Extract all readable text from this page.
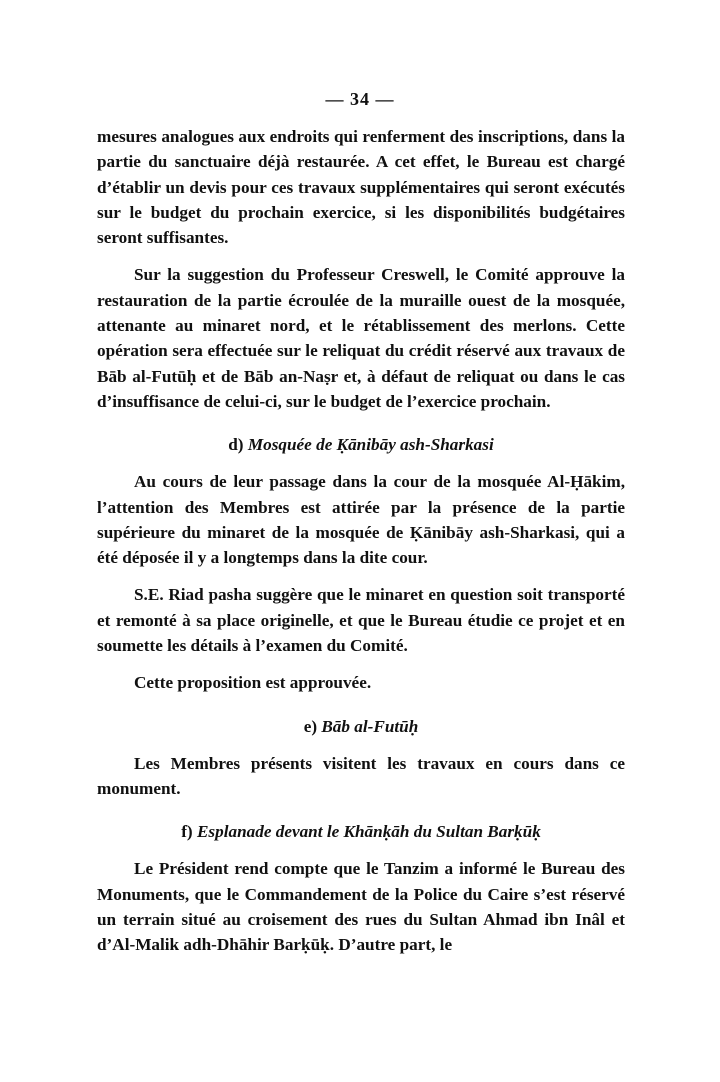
— 34 —

mesures analogues aux endroits qui renferment des inscriptions, dans la partie du sanctuaire déjà restaurée. A cet effet, le Bureau est chargé d’établir un devis pour ces travaux supplémentaires qui seront exécutés sur le budget du prochain exercice, si les disponibilités budgétaires seront suffisantes.

Sur la suggestion du Professeur Creswell, le Comité approuve la restauration de la partie écroulée de la muraille ouest de la mosquée, attenante au minaret nord, et le rétablissement des merlons. Cette opération sera effectuée sur le reliquat du crédit réservé aux travaux de Bāb al-Futūḥ et de Bāb an-Naṣr et, à défaut de reliquat ou dans le cas d’insuffisance de celui-ci, sur le budget de l’exercice prochain.

d) Mosquée de Ḳānibāy ash-Sharkasi

Au cours de leur passage dans la cour de la mosquée Al-Ḥākim, l’attention des Membres est attirée par la présence de la partie supérieure du minaret de la mosquée de Ḳānibāy ash-Sharkasi, qui a été déposée il y a longtemps dans la dite cour.

S.E. Riad pasha suggère que le minaret en question soit transporté et remonté à sa place originelle, et que le Bureau étudie ce projet et en soumette les détails à l’examen du Comité.

Cette proposition est approuvée.

e) Bāb al-Futūḥ

Les Membres présents visitent les travaux en cours dans ce monument.

f) Esplanade devant le Khānḳāh du Sultan Barḳūḳ

Le Président rend compte que le Tanzim a informé le Bureau des Monuments, que le Commandement de la Police du Caire s’est réservé un terrain situé au croisement des rues du Sultan Ahmad ibn Inâl et d’Al-Malik adh-Dhāhir Barḳūḳ. D’autre part, le
